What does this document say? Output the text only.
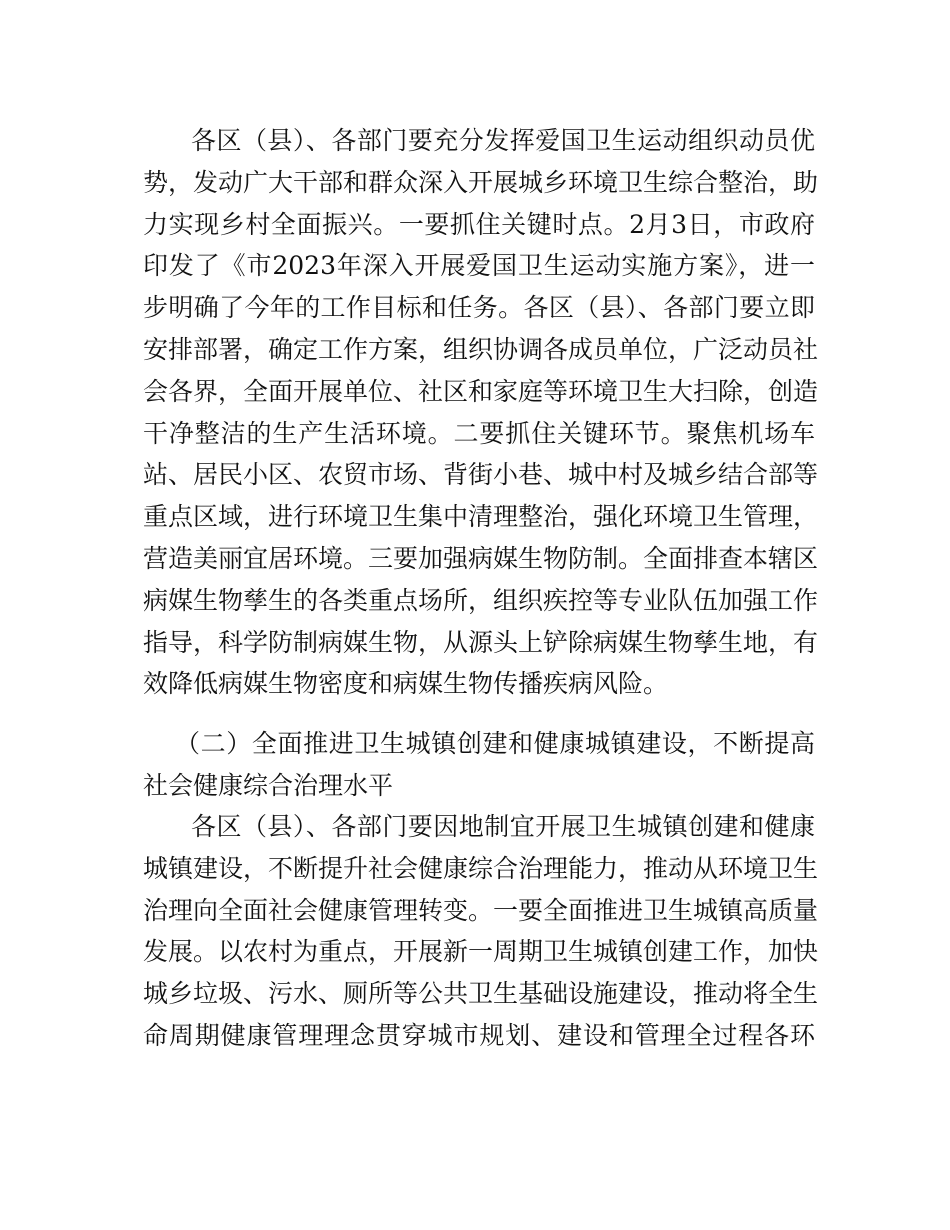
各区（县）、各部门要充分发挥爱国卫生运动组织动员优
势，发动广大干部和群众深入开展城乡环境卫生综合整治，助
力实现乡村全面振兴。一要抓住关键时点。2月3日，市政府
印发了《市2023年深入开展爱国卫生运动实施方案》，进一
步明确了今年的工作目标和任务。各区（县）、各部门要立即
安排部署，确定工作方案，组织协调各成员单位，广泛动员社
会各界，全面开展单位、社区和家庭等环境卫生大扫除，创造
干净整洁的生产生活环境。二要抓住关键环节。聚焦机场车
站、居民小区、农贸市场、背街小巷、城中村及城乡结合部等
重点区域，进行环境卫生集中清理整治，强化环境卫生管理，
营造美丽宜居环境。三要加强病媒生物防制。全面排查本辖区
病媒生物孳生的各类重点场所，组织疾控等专业队伍加强工作
指导，科学防制病媒生物，从源头上铲除病媒生物孳生地，有
效降低病媒生物密度和病媒生物传播疾病风险。
（二）全面推进卫生城镇创建和健康城镇建设，不断提高
社会健康综合治理水平
各区（县）、各部门要因地制宜开展卫生城镇创建和健康
城镇建设，不断提升社会健康综合治理能力，推动从环境卫生
治理向全面社会健康管理转变。一要全面推进卫生城镇高质量
发展。以农村为重点，开展新一周期卫生城镇创建工作，加快
城乡垃圾、污水、厕所等公共卫生基础设施建设，推动将全生
命周期健康管理理念贯穿城市规划、建设和管理全过程各环
